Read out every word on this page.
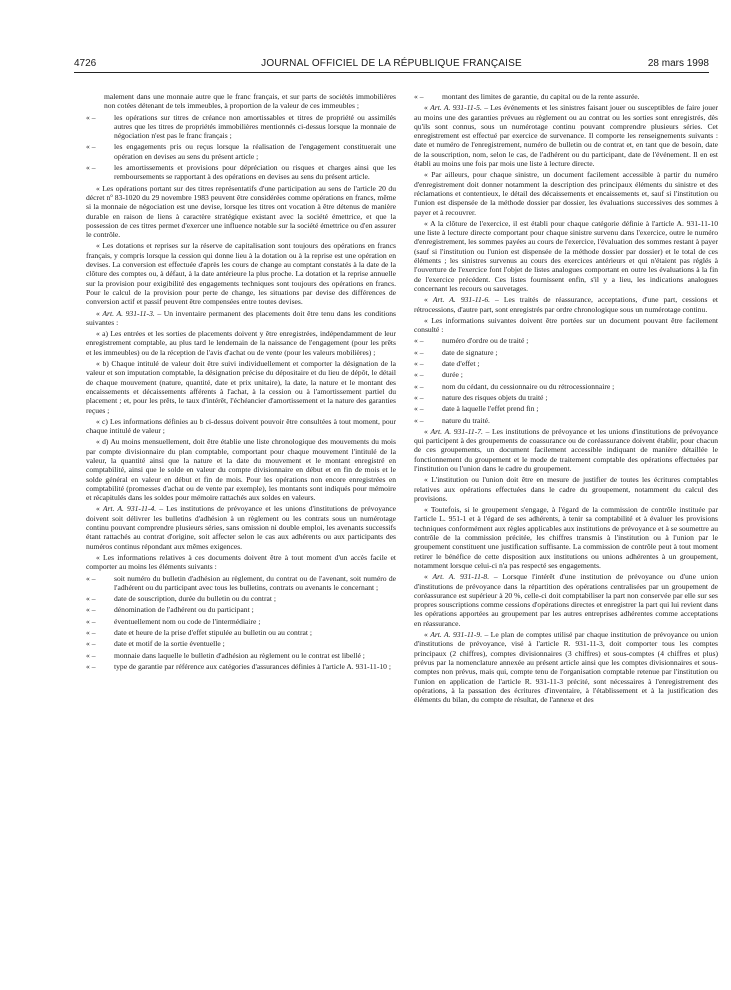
4726	JOURNAL OFFICIEL DE LA RÉPUBLIQUE FRANÇAISE	28 mars 1998

malement dans une monnaie autre que le franc français, et sur parts de sociétés immobilières non cotées détenant de tels immeubles, à proportion de la valeur de ces immeubles ;

« – les opérations sur titres de créance non amortissables et titres de propriété ou assimilés autres que les titres de propriétés immobilières mentionnés ci-dessus lorsque la monnaie de négociation n'est pas le franc français ;

« – les engagements pris ou reçus lorsque la réalisation de l'engagement constituerait une opération en devises au sens du présent article ;

« – les amortissements et provisions pour dépréciation ou risques et charges ainsi que les remboursements se rapportant à des opérations en devises au sens du présent article.

« Les opérations portant sur des titres représentatifs d'une participation au sens de l'article 20 du décret nº 83-1020 du 29 novembre 1983 peuvent être considérées comme opérations en francs, même si la monnaie de négociation est une devise, lorsque les titres ont vocation à être détenus de manière durable en raison de liens à caractère stratégique existant avec la société émettrice, et que la possession de ces titres permet d'exercer une influence notable sur la société émettrice ou d'en assurer le contrôle.

« Les dotations et reprises sur la réserve de capitalisation sont toujours des opérations en francs français, y compris lorsque la cession qui donne lieu à la dotation ou à la reprise est une opération en devises. La conversion est effectuée d'après les cours de change au comptant constatés à la date de la clôture des comptes ou, à défaut, à la date antérieure la plus proche. La dotation et la reprise annuelle sur la provision pour exigibilité des engagements techniques sont toujours des opérations en francs. Pour le calcul de la provision pour perte de change, les situations par devise des différences de conversion actif et passif peuvent être compensées entre toutes devises.

« Art. A. 931-11-3. – Un inventaire permanent des placements doit être tenu dans les conditions suivantes :

« a) Les entrées et les sorties de placements doivent y être enregistrées, indépendamment de leur enregistrement comptable, au plus tard le lendemain de la naissance de l'engagement (pour les prêts et les immeubles) ou de la réception de l'avis d'achat ou de vente (pour les valeurs mobilières) ;

« b) Chaque intitulé de valeur doit être suivi individuellement et comporter la désignation de la valeur et son imputation comptable, la désignation précise du dépositaire et du lieu de dépôt, le détail de chaque mouvement (nature, quantité, date et prix unitaire), la date, la nature et le montant des encaissements et décaissements afférents à l'achat, à la cession ou à l'amortissement partiel du placement ; et, pour les prêts, le taux d'intérêt, l'échéancier d'amortissement et la nature des garanties reçues ;

« c) Les informations définies au b ci-dessus doivent pouvoir être consultées à tout moment, pour chaque intitulé de valeur ;

« d) Au moins mensuellement, doit être établie une liste chronologique des mouvements du mois par compte divisionnaire du plan comptable, comportant pour chaque mouvement l'intitulé de la valeur, la quantité ainsi que la nature et la date du mouvement et le montant enregistré en comptabilité, ainsi que le solde en valeur du compte divisionnaire en début et en fin de mois et le solde général en valeur en début et fin de mois. Pour les opérations non encore enregistrées en comptabilité (promesses d'achat ou de vente par exemple), les montants sont indiqués pour mémoire et récapitulés dans les soldes pour mémoire rattachés aux soldes en valeurs.

« Art. A. 931-11-4. – Les institutions de prévoyance et les unions d'institutions de prévoyance doivent soit délivrer les bulletins d'adhésion à un règlement ou les contrats sous un numérotage continu pouvant comprendre plusieurs séries, sans omission ni double emploi, les avenants successifs étant rattachés au contrat d'origine, soit affecter selon le cas aux adhérents ou aux participants des numéros continus répondant aux mêmes exigences.

« Les informations relatives à ces documents doivent être à tout moment d'un accès facile et comporter au moins les éléments suivants :

« – soit numéro du bulletin d'adhésion au règlement, du contrat ou de l'avenant, soit numéro de l'adhérent ou du participant avec tous les bulletins, contrats ou avenants le concernant ;

« – date de souscription, durée du bulletin ou du contrat ;

« – dénomination de l'adhérent ou du participant ;

« – éventuellement nom ou code de l'intermédiaire ;

« – date et heure de la prise d'effet stipulée au bulletin ou au contrat ;

« – date et motif de la sortie éventuelle ;

« – monnaie dans laquelle le bulletin d'adhésion au règlement ou le contrat est libellé ;

« – type de garantie par référence aux catégories d'assurances définies à l'article A. 931-11-10 ;

« – montant des limites de garantie, du capital ou de la rente assurée.

« Art. A. 931-11-5. – Les événements et les sinistres faisant jouer ou susceptibles de faire jouer au moins une des garanties prévues au règlement ou au contrat ou les sorties sont enregistrés, dès qu'ils sont connus, sous un numérotage continu pouvant comprendre plusieurs séries. Cet enregistrement est effectué par exercice de survenance. Il comporte les renseignements suivants : date et numéro de l'enregistrement, numéro de bulletin ou de contrat et, en tant que de besoin, date de la souscription, nom, selon le cas, de l'adhérent ou du participant, date de l'événement. Il en est établi au moins une fois par mois une liste à lecture directe.

« Par ailleurs, pour chaque sinistre, un document facilement accessible à partir du numéro d'enregistrement doit donner notamment la description des principaux éléments du sinistre et des réclamations et contentieux, le détail des décaissements et encaissements et, sauf si l'institution ou l'union est dispensée de la méthode dossier par dossier, les évaluations successives des sommes à payer et à recouvrer.

« A la clôture de l'exercice, il est établi pour chaque catégorie définie à l'article A. 931-11-10 une liste à lecture directe comportant pour chaque sinistre survenu dans l'exercice, outre le numéro d'enregistrement, les sommes payées au cours de l'exercice, l'évaluation des sommes restant à payer (sauf si l'institution ou l'union est dispensée de la méthode dossier par dossier) et le total de ces éléments ; les sinistres survenus au cours des exercices antérieurs et qui n'étaient pas réglés à l'ouverture de l'exercice font l'objet de listes analogues comportant en outre les évaluations à la fin de l'exercice précédent. Ces listes fournissent enfin, s'il y a lieu, les indications analogues concernant les recours ou sauvetages.

« Art. A. 931-11-6. – Les traités de réassurance, acceptations, d'une part, cessions et rétrocessions, d'autre part, sont enregistrés par ordre chronologique sous un numérotage continu.

« Les informations suivantes doivent être portées sur un document pouvant être facilement consulté :

« – numéro d'ordre ou de traité ;

« – date de signature ;

« – date d'effet ;

« – durée ;

« – nom du cédant, du cessionnaire ou du rétrocessionnaire ;

« – nature des risques objets du traité ;

« – date à laquelle l'effet prend fin ;

« – nature du traité.

« Art. A. 931-11-7. – Les institutions de prévoyance et les unions d'institutions de prévoyance qui participent à des groupements de coassurance ou de coréassurance doivent établir, pour chacun de ces groupements, un document facilement accessible indiquant de manière détaillée le fonctionnement du groupement et le mode de traitement comptable des opérations effectuées par l'institution ou l'union dans le cadre du groupement.

« L'institution ou l'union doit être en mesure de justifier de toutes les écritures comptables relatives aux opérations effectuées dans le cadre du groupement, notamment du calcul des provisions.

« Toutefois, si le groupement s'engage, à l'égard de la commission de contrôle instituée par l'article L. 951-1 et à l'égard de ses adhérents, à tenir sa comptabilité et à évaluer les provisions techniques conformément aux règles applicables aux institutions de prévoyance et à se soumettre au contrôle de la commission précitée, les chiffres transmis à l'institution ou à l'union par le groupement constituent une justification suffisante. La commission de contrôle peut à tout moment retirer le bénéfice de cette disposition aux institutions ou unions adhérentes à un groupement, notamment lorsque celui-ci n'a pas respecté ses engagements.

« Art. A. 931-11-8. – Lorsque l'intérêt d'une institution de prévoyance ou d'une union d'institutions de prévoyance dans la répartition des opérations centralisées par un groupement de coréassurance est supérieur à 20 %, celle-ci doit comptabiliser la part non conservée par elle sur ses propres souscriptions comme cessions d'opérations directes et enregistrer la part qui lui revient dans les opérations apportées au groupement par les autres entreprises adhérentes comme acceptations en réassurance.

« Art. A. 931-11-9. – Le plan de comptes utilisé par chaque institution de prévoyance ou union d'institutions de prévoyance, visé à l'article R. 931-11-3, doit comporter tous les comptes principaux (2 chiffres), comptes divisionnaires (3 chiffres) et sous-comptes (4 chiffres et plus) prévus par la nomenclature annexée au présent article ainsi que les comptes divisionnaires et sous-comptes non prévus, mais qui, compte tenu de l'organisation comptable retenue par l'institution ou l'union en application de l'article R. 931-11-3 précité, sont nécessaires à l'enregistrement des opérations, à la passation des écritures d'inventaire, à l'établissement et à la justification des éléments du bilan, du compte de résultat, de l'annexe et des
